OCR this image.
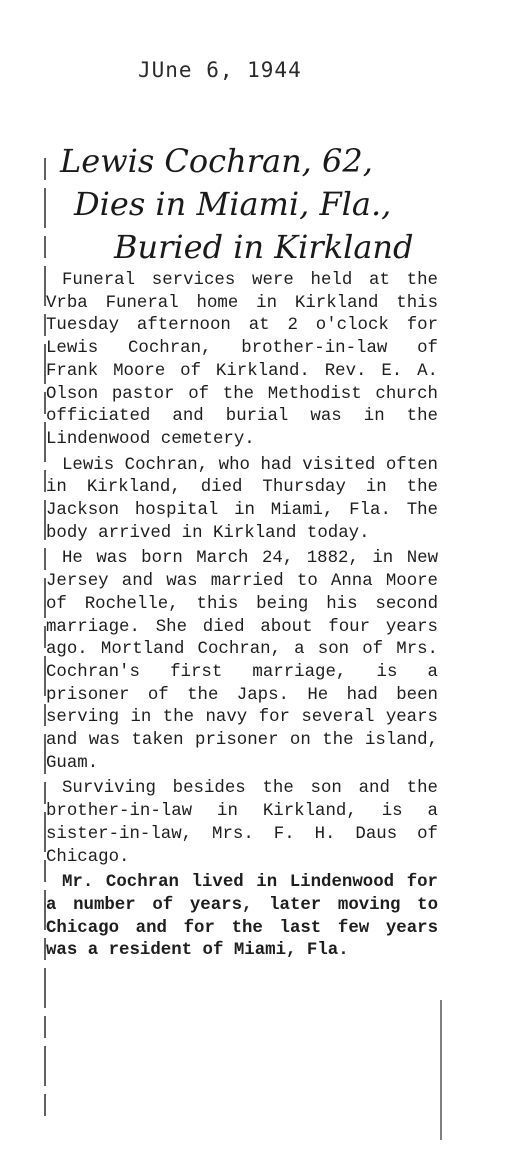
JUne 6, 1944
Lewis Cochran, 62,
Dies in Miami, Fla.,
Buried in Kirkland

Funeral services were held at the Vrba Funeral home in Kirkland this Tuesday afternoon at 2 o'clock for Lewis Cochran, brother-in-law of Frank Moore of Kirkland. Rev. E. A. Olson pastor of the Methodist church officiated and burial was in the Lindenwood cemetery.

Lewis Cochran, who had visited often in Kirkland, died Thursday in the Jackson hospital in Miami, Fla. The body arrived in Kirkland today.

He was born March 24, 1882, in New Jersey and was married to Anna Moore of Rochelle, this being his second marriage. She died about four years ago. Mortland Cochran, a son of Mrs. Cochran's first marriage, is a prisoner of the Japs. He had been serving in the navy for several years and was taken prisoner on the island, Guam.

Surviving besides the son and the brother-in-law in Kirkland, is a sister-in-law, Mrs. F. H. Daus of Chicago.

Mr. Cochran lived in Lindenwood for a number of years, later moving to Chicago and for the last few years was a resident of Miami, Fla.
